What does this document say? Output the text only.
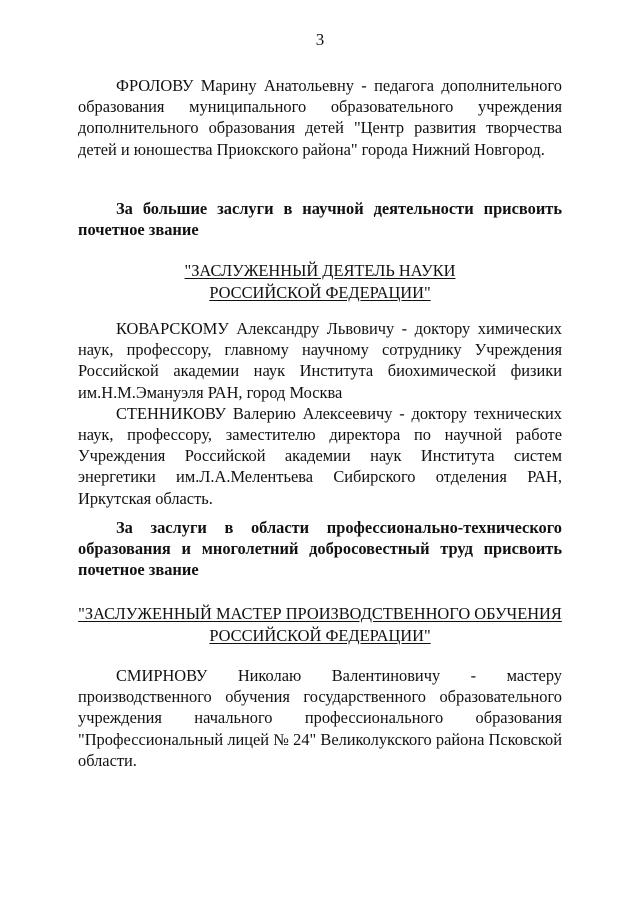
3

ФРОЛОВУ Марину Анатольевну - педагога дополнительного образования муниципального образовательного учреждения дополнительного образования детей "Центр развития творчества детей и юношества Приокского района" города Нижний Новгород.

За большие заслуги в научной деятельности присвоить почетное звание

"ЗАСЛУЖЕННЫЙ ДЕЯТЕЛЬ НАУКИ
РОССИЙСКОЙ ФЕДЕРАЦИИ"

КОВАРСКОМУ Александру Львовичу - доктору химических наук, профессору, главному научному сотруднику Учреждения Российской академии наук Института биохимической физики им.Н.М.Эмануэля РАН, город Москва

СТЕННИКОВУ Валерию Алексеевичу - доктору технических наук, профессору, заместителю директора по научной работе Учреждения Российской академии наук Института систем энергетики им.Л.А.Мелентьева Сибирского отделения РАН, Иркутская область.

За заслуги в области профессионально-технического образования и многолетний добросовестный труд присвоить почетное звание

"ЗАСЛУЖЕННЫЙ МАСТЕР ПРОИЗВОДСТВЕННОГО ОБУЧЕНИЯ
РОССИЙСКОЙ ФЕДЕРАЦИИ"

СМИРНОВУ Николаю Валентиновичу - мастеру

производственного обучения государственного образовательного учреждения начального профессионального образования "Профессиональный лицей № 24" Великолукского района Псковской области.
